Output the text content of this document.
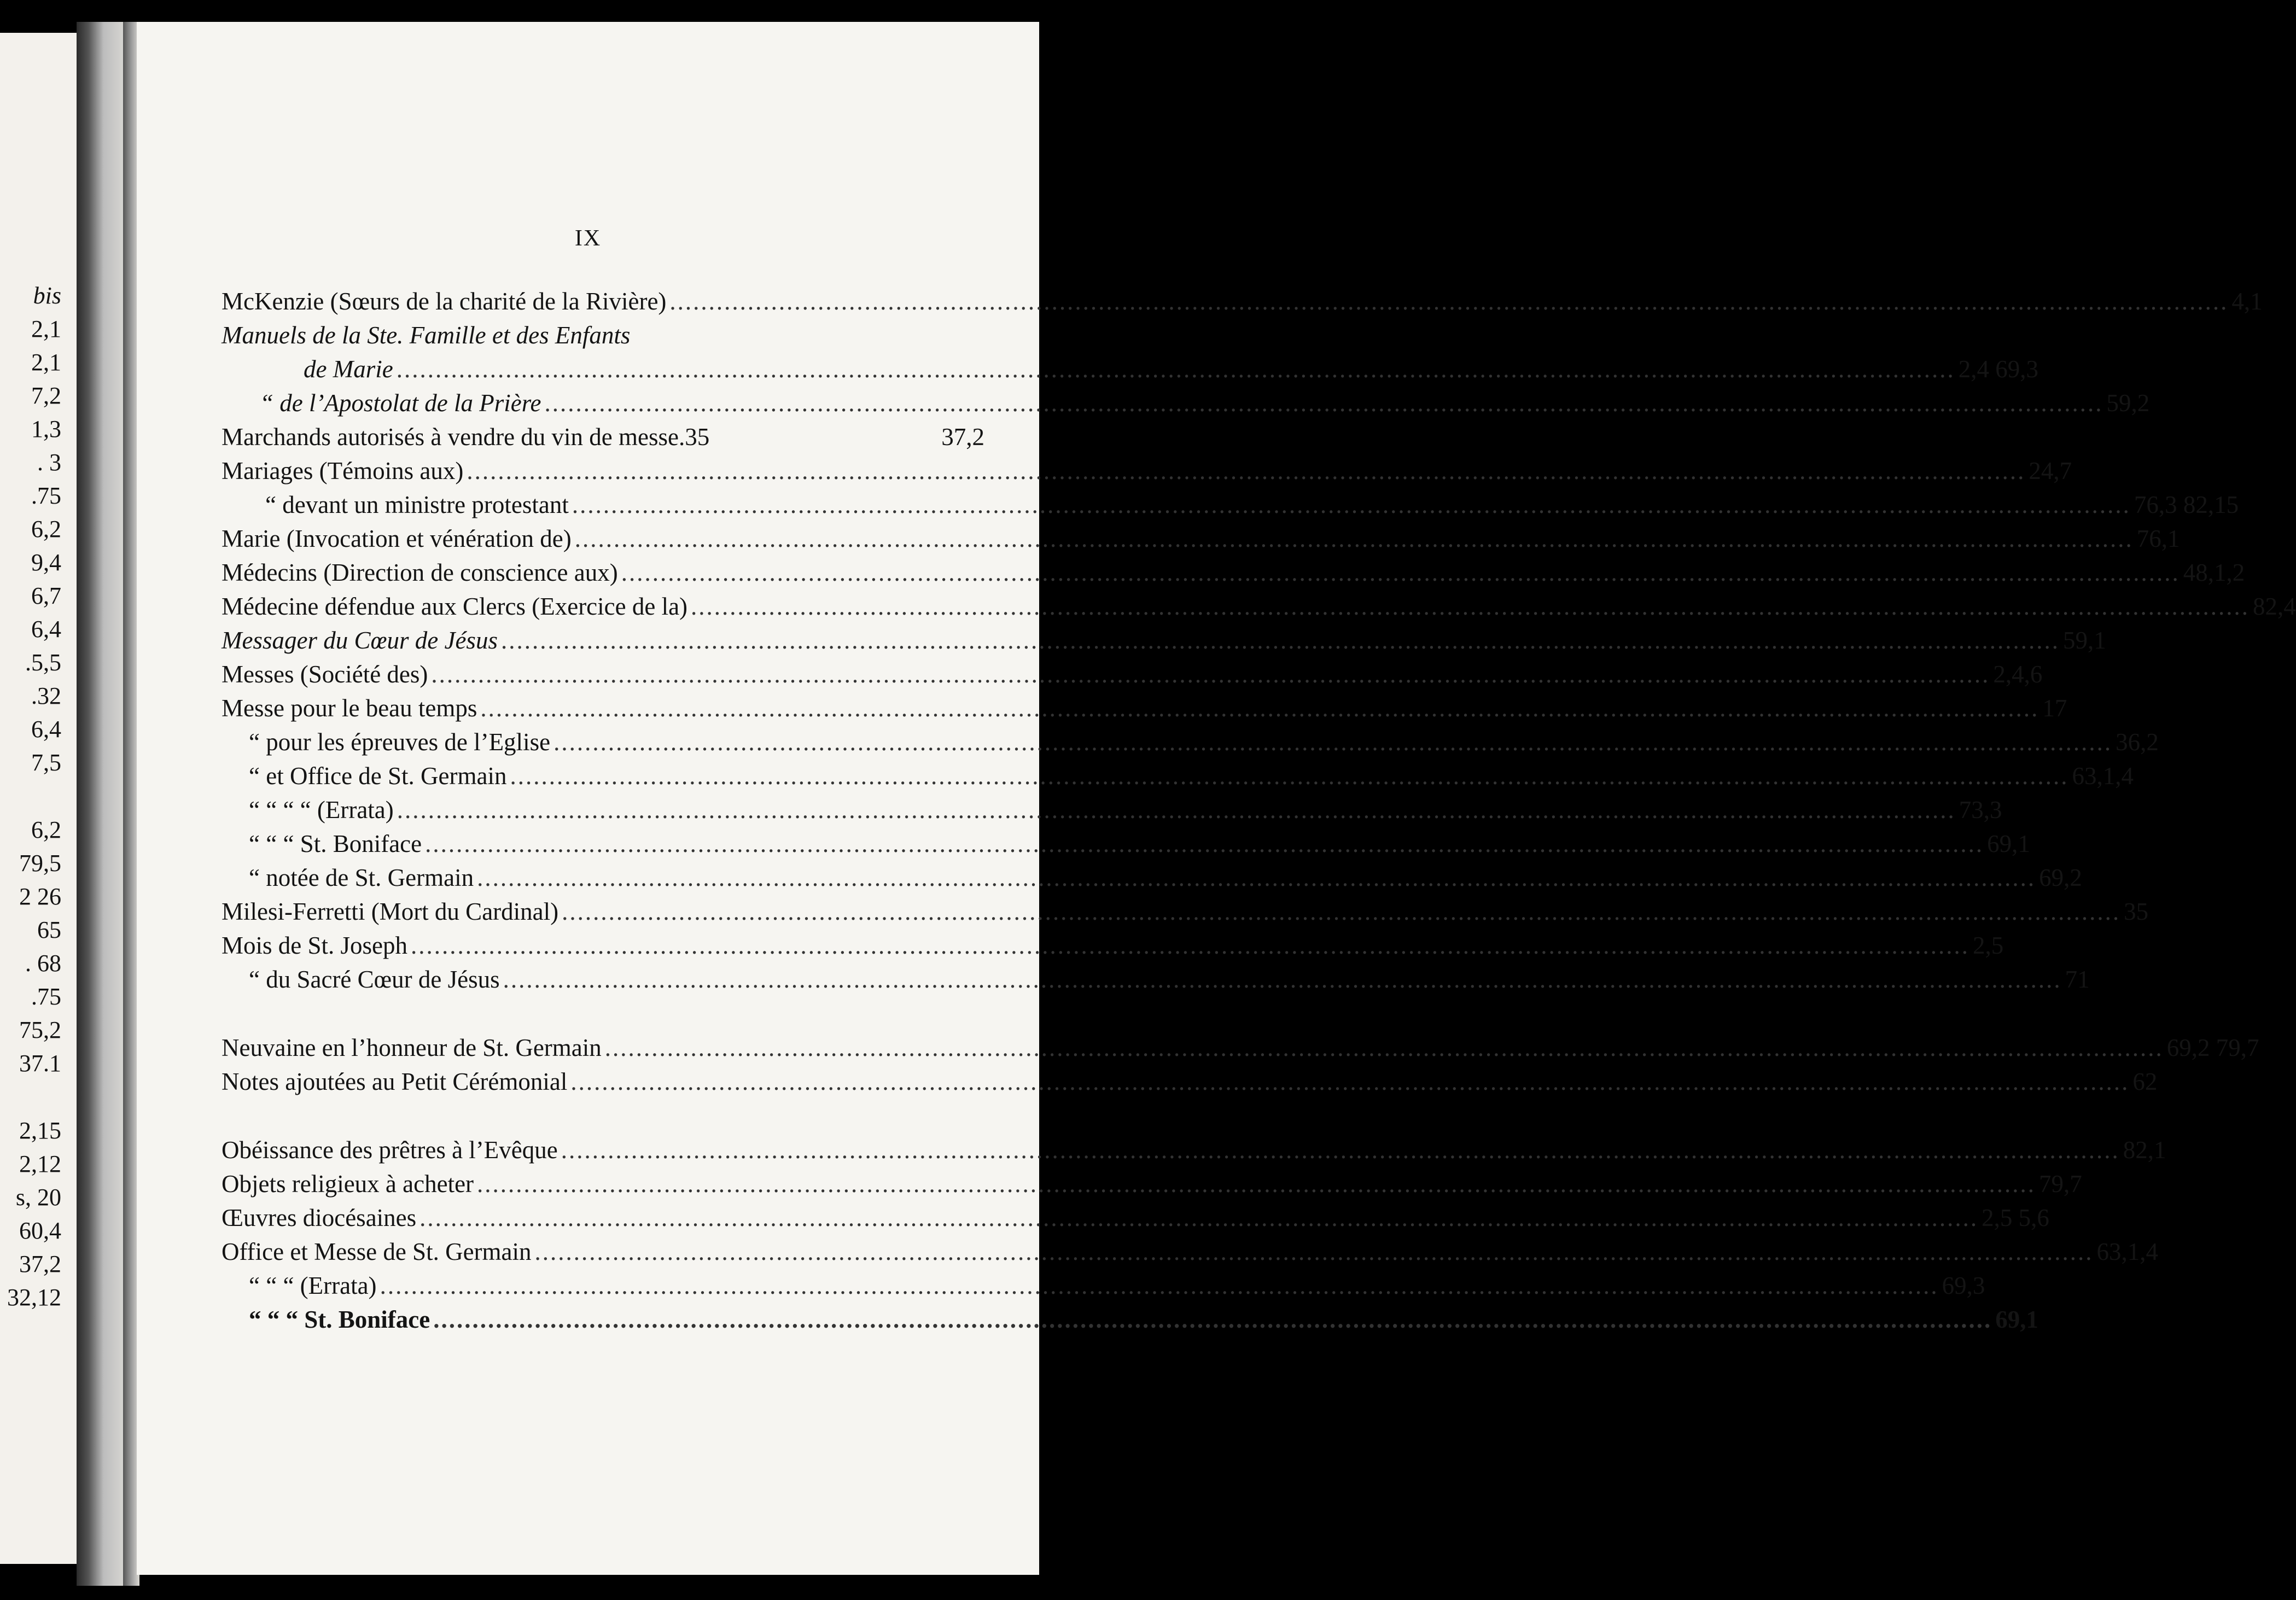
bis
2,1
2,1
7,2
1,3
. 3
.75
6,2
9,4
6,7
6,4
.5,5
.32
6,4
7,5
6,2
79,5
2 26
65
. 68
.75
75,2
37.1
2,15
2,12
s, 20
60,4
37,2
32,12
IX
McKenzie (Sœurs de la charité de la Rivière) ........................................................................................................................................................................................................ 4,1
Manuels de la Ste. Famille et des Enfants
de Marie ........................................................................................................................................................................................................ 2,4 69,3
“ de l’Apostolat de la Prière ........................................................................................................................................................................................................ 59,2
Marchands autorisés à vendre du vin de messe.35	37,2
Mariages (Témoins aux) ........................................................................................................................................................................................................ 24,7
“ devant un ministre protestant ........................................................................................................................................................................................................ 76,3 82,15
Marie (Invocation et vénération de) ........................................................................................................................................................................................................ 76,1
Médecins (Direction de conscience aux) ........................................................................................................................................................................................................ 48,1,2
Médecine défendue aux Clercs (Exercice de la) ........................................................................................................................................................................................................ 82,4
Messager du Cœur de Jésus ........................................................................................................................................................................................................ 59,1
Messes (Société des) ........................................................................................................................................................................................................ 2,4,6
Messe pour le beau temps ........................................................................................................................................................................................................ 17
“ pour les épreuves de l’Eglise ........................................................................................................................................................................................................ 36,2
“ et Office de St. Germain ........................................................................................................................................................................................................ 63,1,4
“ “ “ “ (Errata) ........................................................................................................................................................................................................ 73,3
“ “ “ St. Boniface ........................................................................................................................................................................................................ 69,1
“ notée de St. Germain ........................................................................................................................................................................................................ 69,2
Milesi-Ferretti (Mort du Cardinal) ........................................................................................................................................................................................................ 35
Mois de St. Joseph ........................................................................................................................................................................................................ 2,5
“ du Sacré Cœur de Jésus ........................................................................................................................................................................................................ 71
Neuvaine en l’honneur de St. Germain ........................................................................................................................................................................................................ 69,2 79,7
Notes ajoutées au Petit Cérémonial ........................................................................................................................................................................................................ 62
Obéissance des prêtres à l’Evêque ........................................................................................................................................................................................................ 82,1
Objets religieux à acheter ........................................................................................................................................................................................................ 79,7
Œuvres diocésaines ........................................................................................................................................................................................................ 2,5 5,6
Office et Messe de St. Germain ........................................................................................................................................................................................................ 63,1,4
“ “ “ (Errata) ........................................................................................................................................................................................................ 69,3
“ “ “ St. Boniface ........................................................................................................................................................................................................ 69,1
